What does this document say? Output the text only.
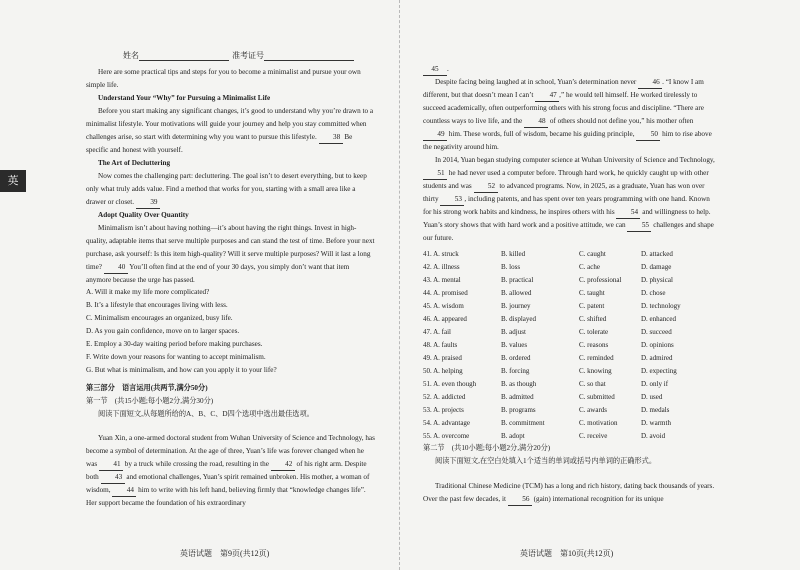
英
姓名	准考证号

Here are some practical tips and steps for you to become a minimalist and pursue your own simple life.

Understand Your “Why” for Pursuing a Minimalist Life

Before you start making any significant changes, it’s good to understand why you’re drawn to a minimalist lifestyle. Your motivations will guide your journey and help you stay committed when challenges arise, so start with determining why you want to pursue this lifestyle. 38 Be specific and honest with yourself.

The Art of Decluttering

Now comes the challenging part: decluttering. The goal isn’t to desert everything, but to keep only what truly adds value. Find a method that works for you, starting with a small area like a drawer or closet. 39

Adopt Quality Over Quantity

Minimalism isn’t about having nothing—it’s about having the right things. Invest in high-quality, adaptable items that serve multiple purposes and can stand the test of time. Before your next purchase, ask yourself: Is this item high-quality? Will it serve multiple purposes? Will it last a long time? 40 You’ll often find at the end of your 30 days, you simply don’t want that item anymore because the urge has passed.

A. Will it make my life more complicated?

B. It’s a lifestyle that encourages living with less.

C. Minimalism encourages an organized, busy life.

D. As you gain confidence, move on to larger spaces.

E. Employ a 30-day waiting period before making purchases.

F. Write down your reasons for wanting to accept minimalism.

G. But what is minimalism, and how can you apply it to your life?

第三部分　语言运用(共两节,满分50分)

第一节　(共15小题;每小题2分,满分30分)

阅读下面短文,从每题所给的A、B、C、D四个选项中选出最佳选项。

Yuan Xin, a one-armed doctoral student from Wuhan University of Science and Technology, has become a symbol of determination. At the age of three, Yuan’s life was forever changed when he was 41 by a truck while crossing the road, resulting in the 42 of his right arm. Despite both 43 and emotional challenges, Yuan’s spirit remained unbroken. His mother, a woman of wisdom, 44 him to write with his left hand, believing firmly that “knowledge changes life”. Her support became the foundation of his extraordinary

45 .

Despite facing being laughed at in school, Yuan’s determination never 46 . “I know I am different, but that doesn’t mean I can’t 47 ,” he would tell himself. He worked tirelessly to succeed academically, often outperforming others with his strong focus and discipline. “There are countless ways to live life, and the 48 of others should not define you,” his mother often 49 him. These words, full of wisdom, became his guiding principle, 50 him to rise above the negativity around him.

In 2014, Yuan began studying computer science at Wuhan University of Science and Technology, 51 he had never used a computer before. Through hard work, he quickly caught up with other students and was 52 to advanced programs. Now, in 2025, as a graduate, Yuan has won over thirty 53 , including patents, and has spent over ten years programming with one hand. Known for his strong work habits and kindness, he inspires others with his 54 and willingness to help. Yuan’s story shows that with hard work and a positive attitude, we can 55 challenges and shape our future.

41. A. struck	B. killed	C. caught	D. attacked
42. A. illness	B. loss	C. ache	D. damage
43. A. mental	B. practical	C. professional	D. physical
44. A. promised	B. allowed	C. taught	D. chose
45. A. wisdom	B. journey	C. patent	D. technology
46. A. appeared	B. displayed	C. shifted	D. enhanced
47. A. fail	B. adjust	C. tolerate	D. succeed
48. A. faults	B. values	C. reasons	D. opinions
49. A. praised	B. ordered	C. reminded	D. admired
50. A. helping	B. forcing	C. knowing	D. expecting
51. A. even though	B. as though	C. so that	D. only if
52. A. addicted	B. admitted	C. submitted	D. used
53. A. projects	B. programs	C. awards	D. medals
54. A. advantage	B. commitment	C. motivation	D. warmth
55. A. overcome	B. adopt	C. receive	D. avoid

第二节　(共10小题;每小题2分,满分20分)

阅读下面短文,在空白处填入1个适当的单词或括号内单词的正确形式。

Traditional Chinese Medicine (TCM) has a long and rich history, dating back thousands of years. Over the past few decades, it 56 (gain) international recognition for its unique

英语试题　第9页(共12页)	英语试题　第10页(共12页)
